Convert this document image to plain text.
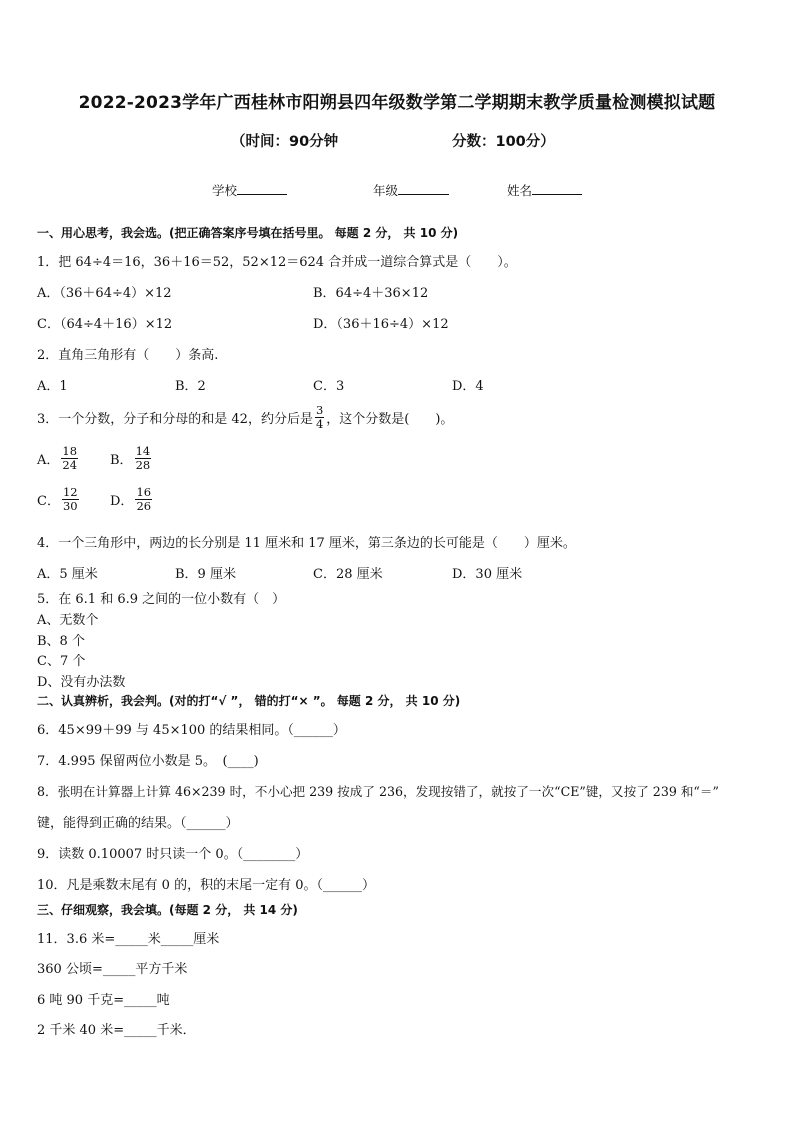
2022-2023学年广西桂林市阳朔县四年级数学第二学期期末教学质量检测模拟试题
（时间：90分钟	分数：100分）
学校	年级	姓名
一、用心思考，我会选。(把正确答案序号填在括号里。 每题 2 分， 共 10 分)
1．把 64÷4＝16，36＋16＝52，52×12＝624 合并成一道综合算式是（　　）。
A．（36＋64÷4）×12	B．64÷4＋36×12
C．（64÷4＋16）×12	D．（36＋16÷4）×12
2．直角三角形有（　　）条高.
A．1	B．2	C．3	D．4
3．一个分数，分子和分母的和是 42，约分后是 $\frac{3}{4}$ ，这个分数是(　　)。
A． $\frac{18}{24}$ B． $\frac{14}{28}$
C． $\frac{12}{30}$ D． $\frac{16}{26}$
4．一个三角形中，两边的长分别是 11 厘米和 17 厘米，第三条边的长可能是（　　）厘米。
A．5 厘米	B．9 厘米	C．28 厘米	D．30 厘米
5．在 6.1 和 6.9 之间的一位小数有（　）
A、无数个
B、8 个
C、7 个
D、没有办法数
二、认真辨析，我会判。(对的打“√ ”， 错的打“× ”。 每题 2 分， 共 10 分)
6．45×99＋99 与 45×100 的结果相同。（______）
7．4.995 保留两位小数是 5。　(____)
8．张明在计算器上计算 46×239 时，不小心把 239 按成了 236，发现按错了，就按了一次“CE”键，又按了 239 和“＝”
键，能得到正确的结果。（______）
9．读数 0.10007 时只读一个 0。（________）
10．凡是乘数末尾有 0 的，积的末尾一定有 0。（______）
三、仔细观察，我会填。(每题 2 分， 共 14 分)
11．3.6 米=_____米_____厘米
360 公顷=_____平方千米
6 吨 90 千克=_____吨
2 千米 40 米=_____千米．
